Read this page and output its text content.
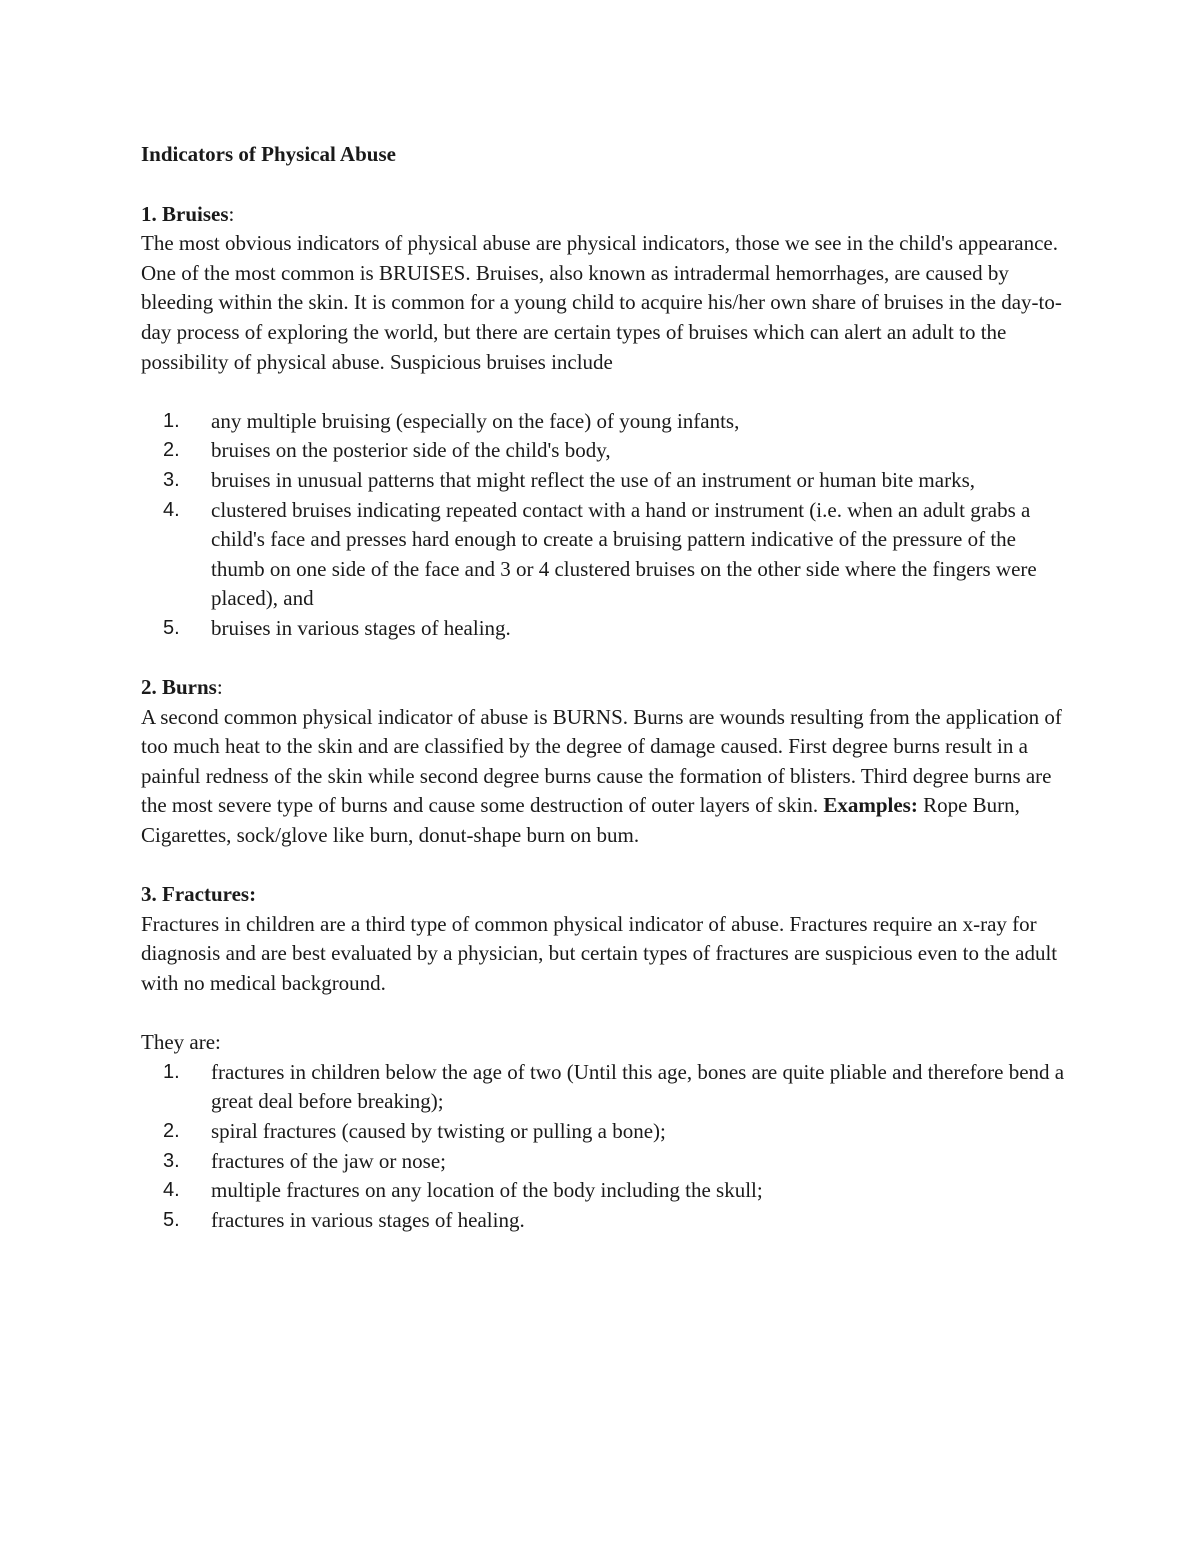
Indicators of Physical Abuse

1. Bruises:

The most obvious indicators of physical abuse are physical indicators, those we see in the child's appearance. One of the most common is BRUISES. Bruises, also known as intradermal hemorrhages, are caused by bleeding within the skin. It is common for a young child to acquire his/her own share of bruises in the day-to-day process of exploring the world, but there are certain types of bruises which can alert an adult to the possibility of physical abuse. Suspicious bruises include

1. any multiple bruising (especially on the face) of young infants,
2. bruises on the posterior side of the child's body,
3. bruises in unusual patterns that might reflect the use of an instrument or human bite marks,
4. clustered bruises indicating repeated contact with a hand or instrument (i.e. when an adult grabs a child's face and presses hard enough to create a bruising pattern indicative of the pressure of the thumb on one side of the face and 3 or 4 clustered bruises on the other side where the fingers were placed), and
5. bruises in various stages of healing.

2. Burns:

A second common physical indicator of abuse is BURNS. Burns are wounds resulting from the application of too much heat to the skin and are classified by the degree of damage caused. First degree burns result in a painful redness of the skin while second degree burns cause the formation of blisters. Third degree burns are the most severe type of burns and cause some destruction of outer layers of skin. Examples: Rope Burn, Cigarettes, sock/glove like burn, donut-shape burn on bum.

3. Fractures:

Fractures in children are a third type of common physical indicator of abuse. Fractures require an x-ray for diagnosis and are best evaluated by a physician, but certain types of fractures are suspicious even to the adult with no medical background.

They are:

1. fractures in children below the age of two (Until this age, bones are quite pliable and therefore bend a great deal before breaking);
2. spiral fractures (caused by twisting or pulling a bone);
3. fractures of the jaw or nose;
4. multiple fractures on any location of the body including the skull;
5. fractures in various stages of healing.
